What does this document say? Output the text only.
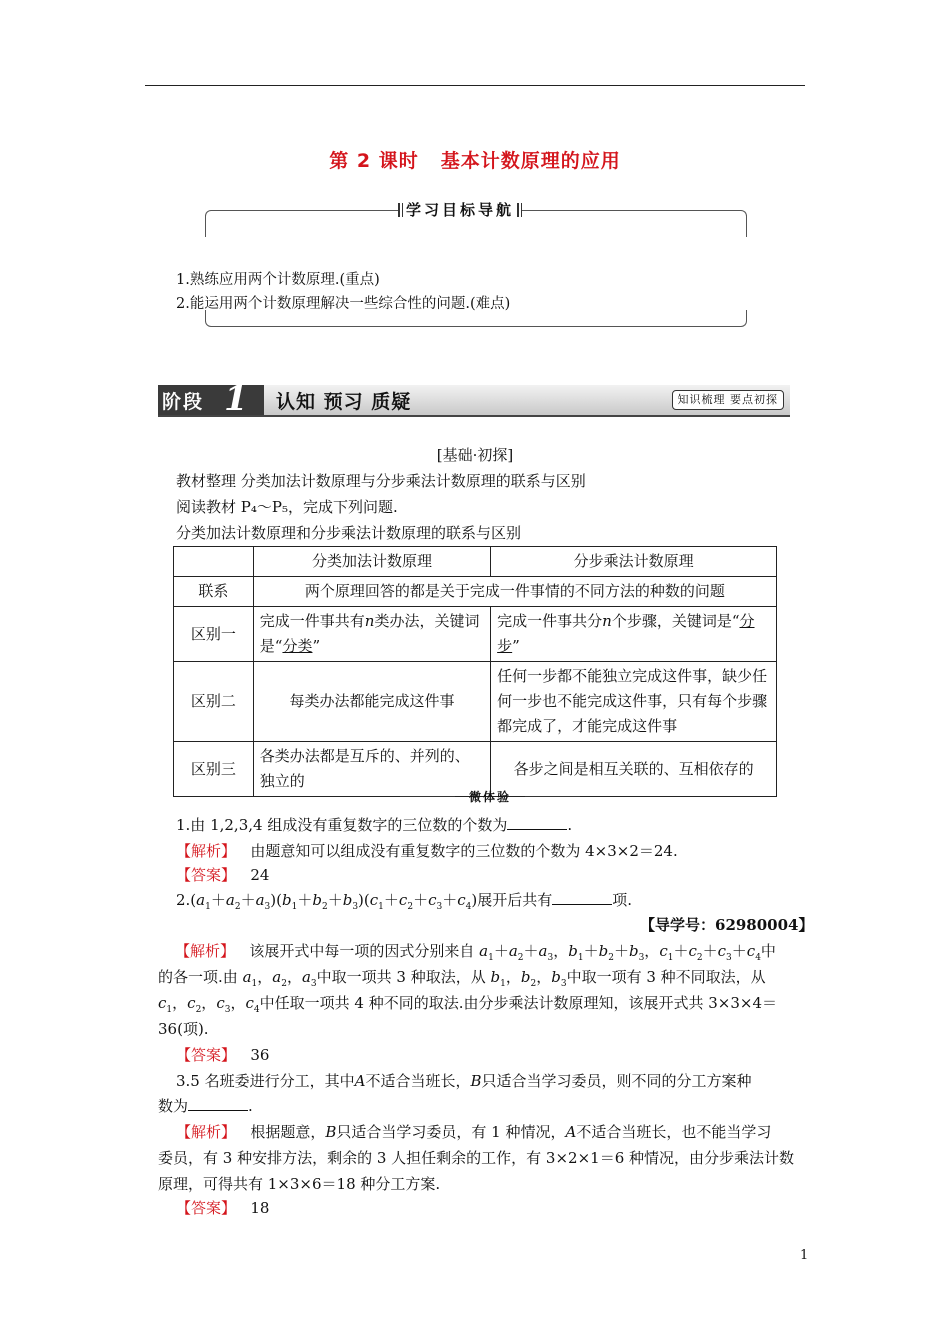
第 2 课时 基本计数原理的应用
学习目标导航
1.熟练应用两个计数原理.(重点)
2.能运用两个计数原理解决一些综合性的问题.(难点)
阶段 1	认知 预习 质疑	知识梳理 要点初探
[基础·初探]
教材整理 分类加法计数原理与分步乘法计数原理的联系与区别
阅读教材 P₄～P₅，完成下列问题.
分类加法计数原理和分步乘法计数原理的联系与区别
	分类加法计数原理	分步乘法计数原理
联系	两个原理回答的都是关于完成一件事情的不同方法的种数的问题	
区别一	完成一件事共有n类办法，关键词是“分类”	完成一件事共分n个步骤，关键词是“分步”
区别二	每类办法都能完成这件事	任何一步都不能独立完成这件事，缺少任何一步也不能完成这件事，只有每个步骤都完成了，才能完成这件事
区别三	各类办法都是互斥的、并列的、独立的	各步之间是相互关联的、互相依存的
微体验
1.由 1,2,3,4 组成没有重复数字的三位数的个数为	.
【解析】 由题意知可以组成没有重复数字的三位数的个数为 4×3×2＝24.
【答案】 24
$2.(a_1+a_2+a_3)(b_1+b_2+b_3)(c_1+c_2+c_3+c_4)$展开后共有	项.
【导学号：62980004】
【解析】 该展开式中每一项的因式分别来自 $a_1+a_2+a_3$，$b_1+b_2+b_3$，$c_1+c_2+c_3+c_4$中
的各一项.由 $a_1$，$a_2$，$a_3$中取一项共 3 种取法，从 $b_1$，$b_2$，$b_3$中取一项有 3 种不同取法，从
$c_1$，$c_2$，$c_3$，$c_4$中任取一项共 4 种不同的取法.由分步乘法计数原理知，该展开式共 3×3×4＝
36(项).
【答案】 36
3.5 名班委进行分工，其中A不适合当班长，B只适合当学习委员，则不同的分工方案种
数为	.
【解析】 根据题意，B只适合当学习委员，有 1 种情况，A不适合当班长，也不能当学习
委员，有 3 种安排方法，剩余的 3 人担任剩余的工作，有 3×2×1＝6 种情况，由分步乘法计数
原理，可得共有 1×3×6＝18 种分工方案.
【答案】 18
1
